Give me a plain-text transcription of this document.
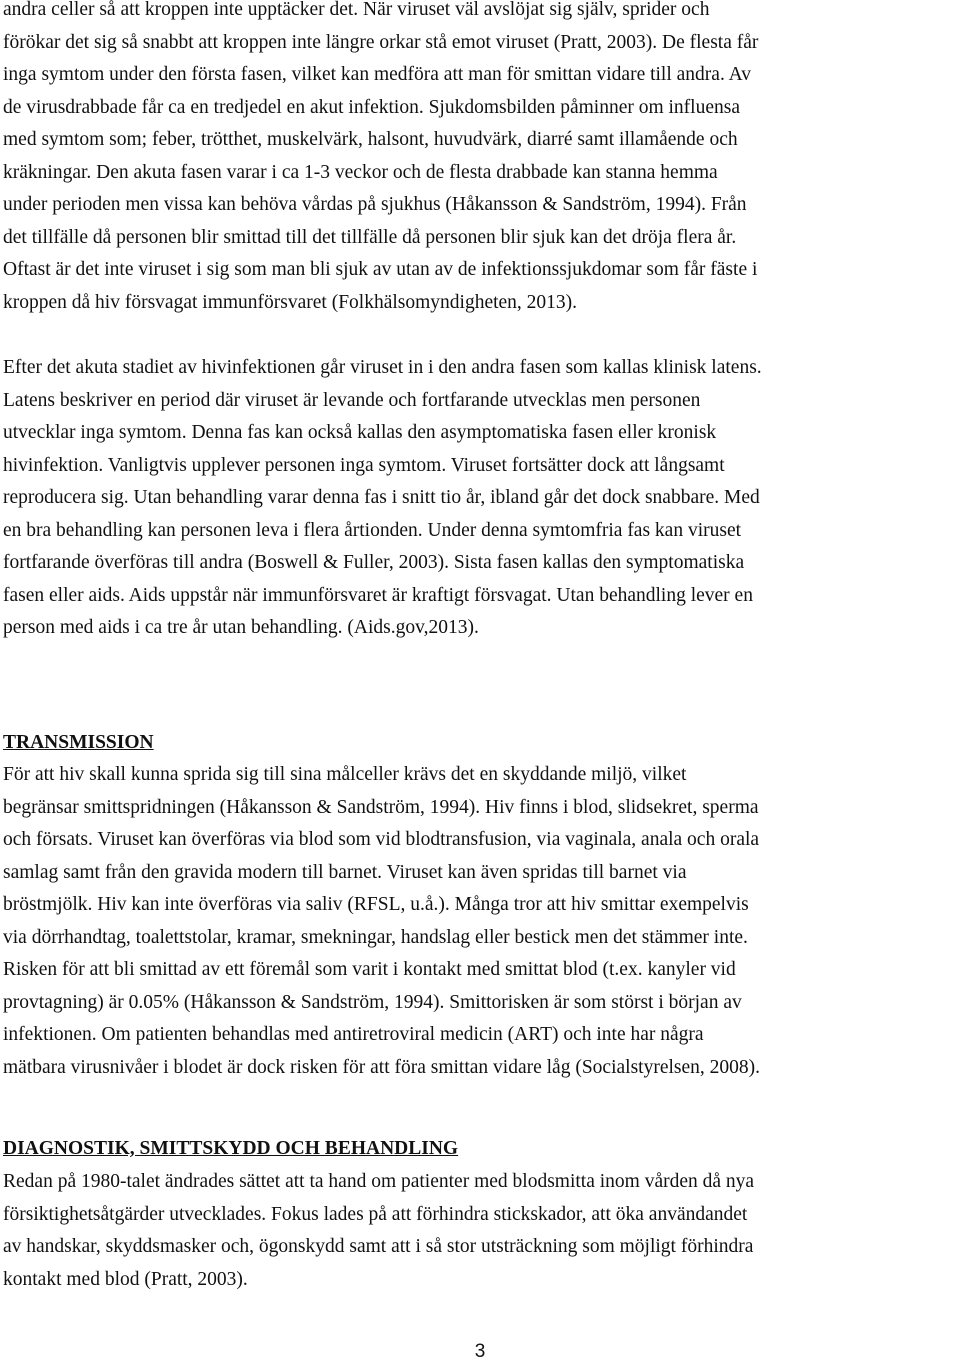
andra celler så att kroppen inte upptäcker det. När viruset väl avslöjat sig själv, sprider och
förökar det sig så snabbt att kroppen inte längre orkar stå emot viruset (Pratt, 2003). De flesta får
inga symtom under den första fasen, vilket kan medföra att man för smittan vidare till andra. Av
de virusdrabbade får ca en tredjedel en akut infektion. Sjukdomsbilden påminner om influensa
med symtom som; feber, trötthet, muskelvärk, halsont, huvudvärk, diarré samt illamående och
kräkningar. Den akuta fasen varar i ca 1-3 veckor och de flesta drabbade kan stanna hemma
under perioden men vissa kan behöva vårdas på sjukhus (Håkansson & Sandström, 1994). Från
det tillfälle då personen blir smittad till det tillfälle då personen blir sjuk kan det dröja flera år.
Oftast är det inte viruset i sig som man bli sjuk av utan av de infektionssjukdomar som får fäste i
kroppen då hiv försvagat immunförsvaret (Folkhälsomyndigheten, 2013).

Efter det akuta stadiet av hivinfektionen går viruset in i den andra fasen som kallas klinisk latens.
Latens beskriver en period där viruset är levande och fortfarande utvecklas men personen
utvecklar inga symtom. Denna fas kan också kallas den asymptomatiska fasen eller kronisk
hivinfektion. Vanligtvis upplever personen inga symtom. Viruset fortsätter dock att långsamt
reproducera sig. Utan behandling varar denna fas i snitt tio år, ibland går det dock snabbare. Med
en bra behandling kan personen leva i flera årtionden. Under denna symtomfria fas kan viruset
fortfarande överföras till andra (Boswell & Fuller, 2003). Sista fasen kallas den symptomatiska
fasen eller aids. Aids uppstår när immunförsvaret är kraftigt försvagat. Utan behandling lever en
person med aids i ca tre år utan behandling. (Aids.gov,2013).

TRANSMISSION

För att hiv skall kunna sprida sig till sina målceller krävs det en skyddande miljö, vilket
begränsar smittspridningen (Håkansson & Sandström, 1994). Hiv finns i blod, slidsekret, sperma
och försats. Viruset kan överföras via blod som vid blodtransfusion, via vaginala, anala och orala
samlag samt från den gravida modern till barnet. Viruset kan även spridas till barnet via
bröstmjölk. Hiv kan inte överföras via saliv (RFSL, u.å.). Många tror att hiv smittar exempelvis
via dörrhandtag, toalettstolar, kramar, smekningar, handslag eller bestick men det stämmer inte.
Risken för att bli smittad av ett föremål som varit i kontakt med smittat blod (t.ex. kanyler vid
provtagning) är 0.05% (Håkansson & Sandström, 1994). Smittorisken är som störst i början av
infektionen. Om patienten behandlas med antiretroviral medicin (ART) och inte har några
mätbara virusnivåer i blodet är dock risken för att föra smittan vidare låg (Socialstyrelsen, 2008).

DIAGNOSTIK, SMITTSKYDD OCH BEHANDLING

Redan på 1980-talet ändrades sättet att ta hand om patienter med blodsmitta inom vården då nya
försiktighetsåtgärder utvecklades. Fokus lades på att förhindra stickskador, att öka användandet
av handskar, skyddsmasker och, ögonskydd samt att i så stor utsträckning som möjligt förhindra
kontakt med blod (Pratt, 2003).

3
